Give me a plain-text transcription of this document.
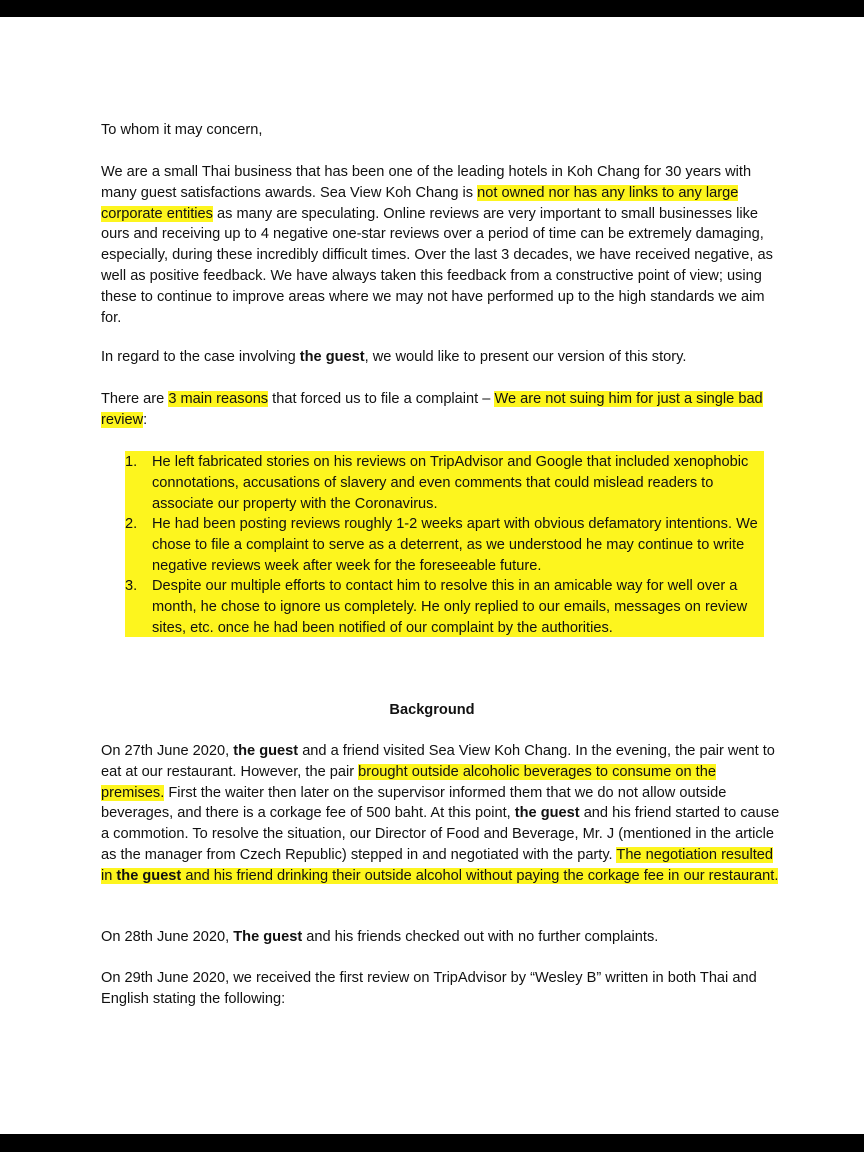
To whom it may concern,

We are a small Thai business that has been one of the leading hotels in Koh Chang for 30 years with many guest satisfactions awards. Sea View Koh Chang is not owned nor has any links to any large corporate entities as many are speculating. Online reviews are very important to small businesses like ours and receiving up to 4 negative one-star reviews over a period of time can be extremely damaging, especially, during these incredibly difficult times. Over the last 3 decades, we have received negative, as well as positive feedback. We have always taken this feedback from a constructive point of view; using these to continue to improve areas where we may not have performed up to the high standards we aim for.

In regard to the case involving the guest, we would like to present our version of this story.

There are 3 main reasons that forced us to file a complaint – We are not suing him for just a single bad review:

1.	He left fabricated stories on his reviews on TripAdvisor and Google that included xenophobic connotations, accusations of slavery and even comments that could mislead readers to associate our property with the Coronavirus.
2.	He had been posting reviews roughly 1-2 weeks apart with obvious defamatory intentions. We chose to file a complaint to serve as a deterrent, as we understood he may continue to write negative reviews week after week for the foreseeable future.
3.	Despite our multiple efforts to contact him to resolve this in an amicable way for well over a month, he chose to ignore us completely. He only replied to our emails, messages on review sites, etc. once he had been notified of our complaint by the authorities.

Background

On 27th June 2020, the guest and a friend visited Sea View Koh Chang. In the evening, the pair went to eat at our restaurant. However, the pair brought outside alcoholic beverages to consume on the premises. First the waiter then later on the supervisor informed them that we do not allow outside beverages, and there is a corkage fee of 500 baht. At this point, the guest and his friend started to cause a commotion. To resolve the situation, our Director of Food and Beverage, Mr. J (mentioned in the article as the manager from Czech Republic) stepped in and negotiated with the party. The negotiation resulted in the guest and his friend drinking their outside alcohol without paying the corkage fee in our restaurant.

On 28th June 2020, The guest and his friends checked out with no further complaints.

On 29th June 2020, we received the first review on TripAdvisor by “Wesley B” written in both Thai and English stating the following:
